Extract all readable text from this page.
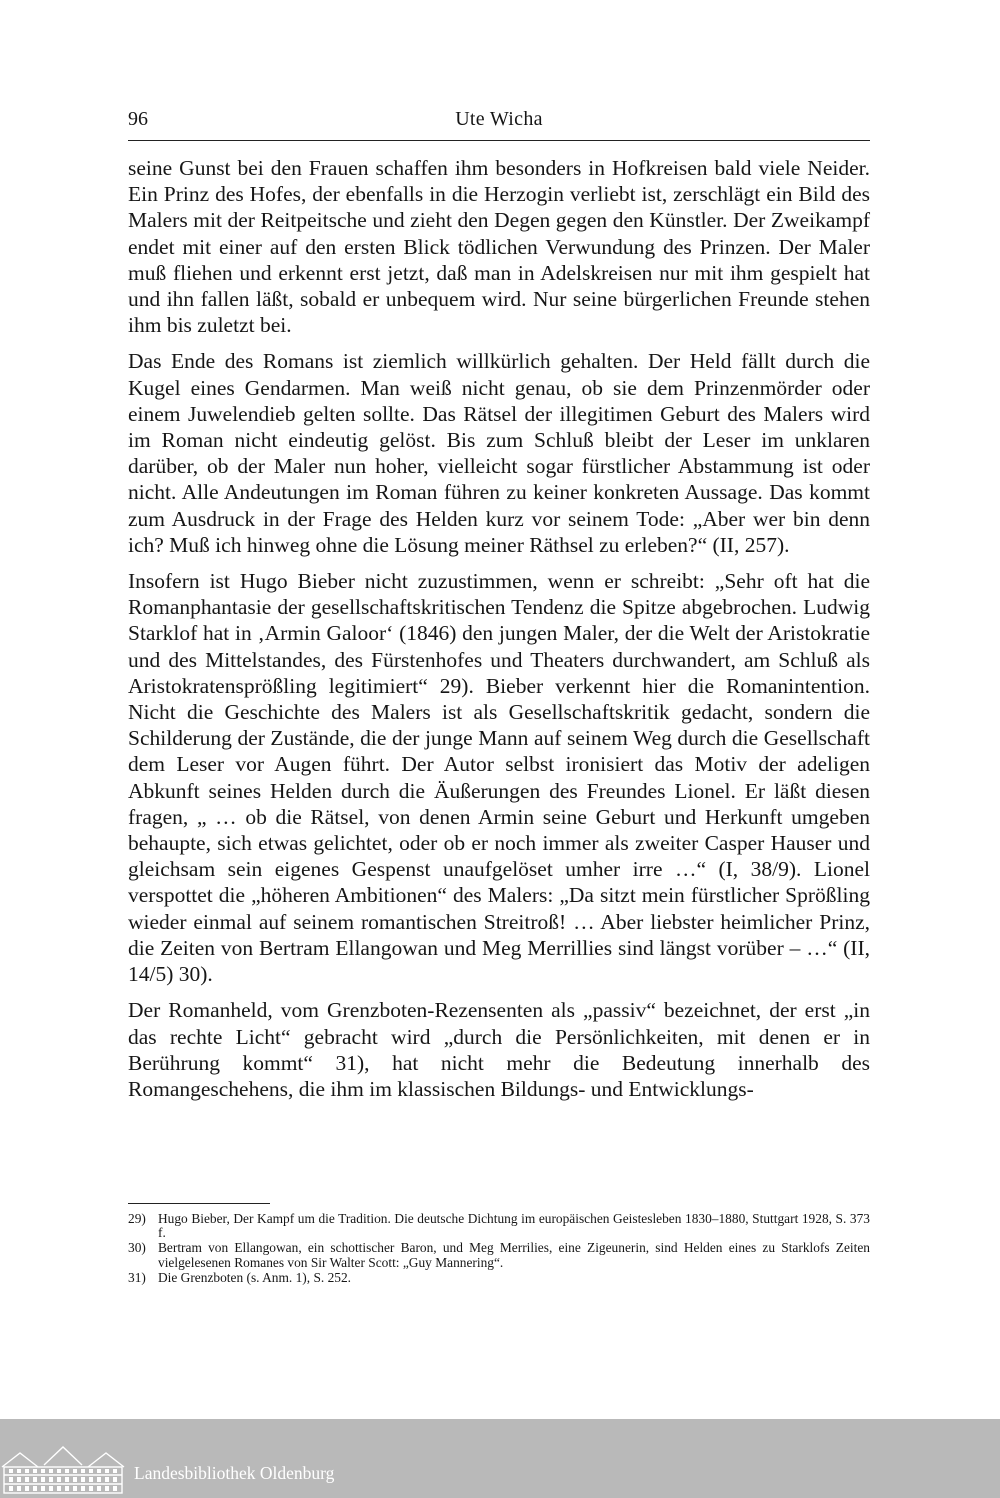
96	Ute Wicha

seine Gunst bei den Frauen schaffen ihm besonders in Hofkreisen bald viele Neider. Ein Prinz des Hofes, der ebenfalls in die Herzogin verliebt ist, zerschlägt ein Bild des Malers mit der Reitpeitsche und zieht den Degen gegen den Künstler. Der Zweikampf endet mit einer auf den ersten Blick tödlichen Verwundung des Prinzen. Der Maler muß fliehen und erkennt erst jetzt, daß man in Adelskreisen nur mit ihm gespielt hat und ihn fallen läßt, sobald er unbequem wird. Nur seine bürgerlichen Freunde stehen ihm bis zuletzt bei.

Das Ende des Romans ist ziemlich willkürlich gehalten. Der Held fällt durch die Kugel eines Gendarmen. Man weiß nicht genau, ob sie dem Prinzenmörder oder einem Juwelendieb gelten sollte. Das Rätsel der illegitimen Geburt des Malers wird im Roman nicht eindeutig gelöst. Bis zum Schluß bleibt der Leser im unklaren darüber, ob der Maler nun hoher, vielleicht sogar fürstlicher Abstammung ist oder nicht. Alle Andeutungen im Roman führen zu keiner konkreten Aussage. Das kommt zum Ausdruck in der Frage des Helden kurz vor seinem Tode: „Aber wer bin denn ich? Muß ich hinweg ohne die Lösung meiner Räthsel zu erleben?“ (II, 257).

Insofern ist Hugo Bieber nicht zuzustimmen, wenn er schreibt: „Sehr oft hat die Romanphantasie der gesellschaftskritischen Tendenz die Spitze abgebrochen. Ludwig Starklof hat in ‚Armin Galoor‘ (1846) den jungen Maler, der die Welt der Aristokratie und des Mittelstandes, des Fürstenhofes und Theaters durchwandert, am Schluß als Aristokratensprößling legitimiert“ 29). Bieber verkennt hier die Romanintention. Nicht die Geschichte des Malers ist als Gesellschaftskritik gedacht, sondern die Schilderung der Zustände, die der junge Mann auf seinem Weg durch die Gesellschaft dem Leser vor Augen führt. Der Autor selbst ironisiert das Motiv der adeligen Abkunft seines Helden durch die Äußerungen des Freundes Lionel. Er läßt diesen fragen, „ … ob die Rätsel, von denen Armin seine Geburt und Herkunft umgeben behaupte, sich etwas gelichtet, oder ob er noch immer als zweiter Casper Hauser und gleichsam sein eigenes Gespenst unaufgelöset umher irre …“ (I, 38/9). Lionel verspottet die „höheren Ambitionen“ des Malers: „Da sitzt mein fürstlicher Sprößling wieder einmal auf seinem romantischen Streitroß! … Aber liebster heimlicher Prinz, die Zeiten von Bertram Ellangowan und Meg Merrillies sind längst vorüber – …“ (II, 14/5) 30).

Der Romanheld, vom Grenzboten-Rezensenten als „passiv“ bezeichnet, der erst „in das rechte Licht“ gebracht wird „durch die Persönlichkeiten, mit denen er in Berührung kommt“ 31), hat nicht mehr die Bedeutung innerhalb des Romangeschehens, die ihm im klassischen Bildungs- und Entwicklungs-

29) Hugo Bieber, Der Kampf um die Tradition. Die deutsche Dichtung im europäischen Geistesleben 1830–1880, Stuttgart 1928, S. 373 f.
30) Bertram von Ellangowan, ein schottischer Baron, und Meg Merrilies, eine Zigeunerin, sind Helden eines zu Starklofs Zeiten vielgelesenen Romanes von Sir Walter Scott: „Guy Mannering“.
31) Die Grenzboten (s. Anm. 1), S. 252.
Landesbibliothek Oldenburg
